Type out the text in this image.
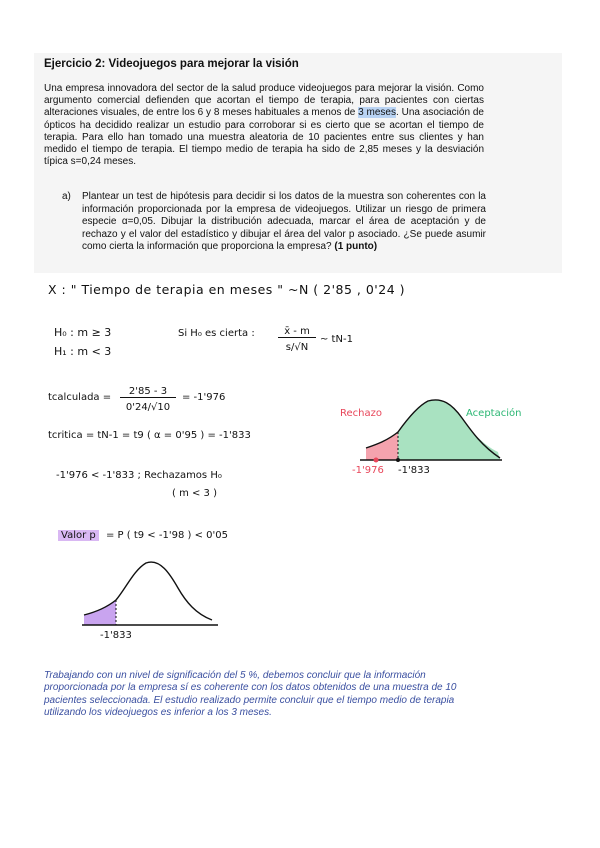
Ejercicio 2: Videojuegos para mejorar la visión
Una empresa innovadora del sector de la salud produce videojuegos para mejorar la visión. Como argumento comercial defienden que acortan el tiempo de terapia, para pacientes con ciertas alteraciones visuales, de entre los 6 y 8 meses habituales a menos de 3 meses. Una asociación de ópticos ha decidido realizar un estudio para corroborar si es cierto que se acortan el tiempo de terapia. Para ello han tomado una muestra aleatoria de 10 pacientes entre sus clientes y han medido el tiempo de terapia. El tiempo medio de terapia ha sido de 2,85 meses y la desviación típica s=0,24 meses.
a) Plantear un test de hipótesis para decidir si los datos de la muestra son coherentes con la información proporcionada por la empresa de videojuegos. Utilizar un riesgo de primera especie α=0,05. Dibujar la distribución adecuada, marcar el área de aceptación y de rechazo y el valor del estadístico y dibujar el área del valor p asociado. ¿Se puede asumir como cierta la información que proporciona la empresa? (1 punto)
X : " Tiempo de terapia en meses " ~N ( 2'85 , 0'24 )
H₀ : m ≥ 3
H₁ : m < 3
Si H₀ es cierta :	x̄ - m
s/√N
~ tN-1
tcalculada =
2'85 - 3
0'24/√10
= -1'976
tcritica = tN-1 = t9 ( α = 0'95 ) = -1'833
-1'976 < -1'833 ; Rechazamos H₀
( m < 3 )
Valor p	= P ( t9 < -1'98 ) < 0'05
Rechazo	Aceptación
-1'976 -1'833
-1'833
Trabajando con un nivel de significación del 5 %, debemos concluir que la información proporcionada por la empresa sí es coherente con los datos obtenidos de una muestra de 10 pacientes seleccionada. El estudio realizado permite concluir que el tiempo medio de terapia utilizando los videojuegos es inferior a los 3 meses.
